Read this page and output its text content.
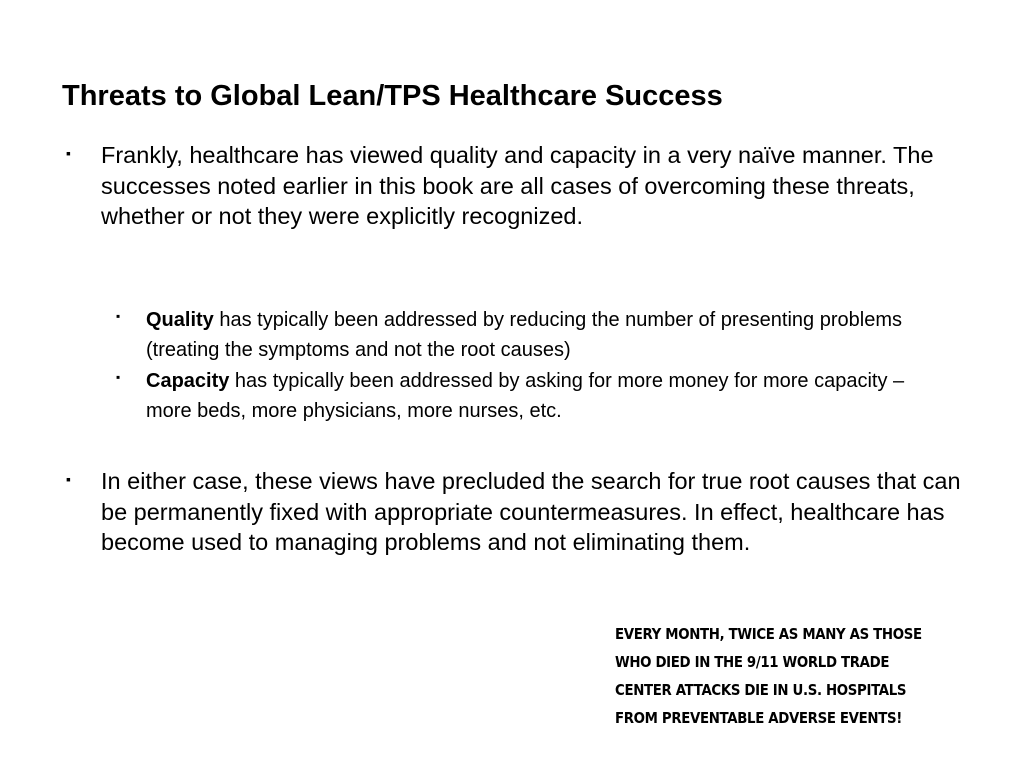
Threats to Global Lean/TPS Healthcare Success
▪ Frankly, healthcare has viewed quality and capacity in a very naïve manner. The successes noted earlier in this book are all cases of overcoming these threats, whether or not they were explicitly recognized.
▪ Quality has typically been addressed by reducing the number of presenting problems (treating the symptoms and not the root causes)
▪ Capacity has typically been addressed by asking for more money for more capacity – more beds, more physicians, more nurses, etc.
▪ In either case, these views have precluded the search for true root causes that can be permanently fixed with appropriate countermeasures. In effect, healthcare has become used to managing problems and not eliminating them.
EVERY MONTH, TWICE AS MANY AS THOSE
WHO DIED IN THE 9/11 WORLD TRADE
CENTER ATTACKS DIE IN U.S. HOSPITALS
FROM PREVENTABLE ADVERSE EVENTS!
